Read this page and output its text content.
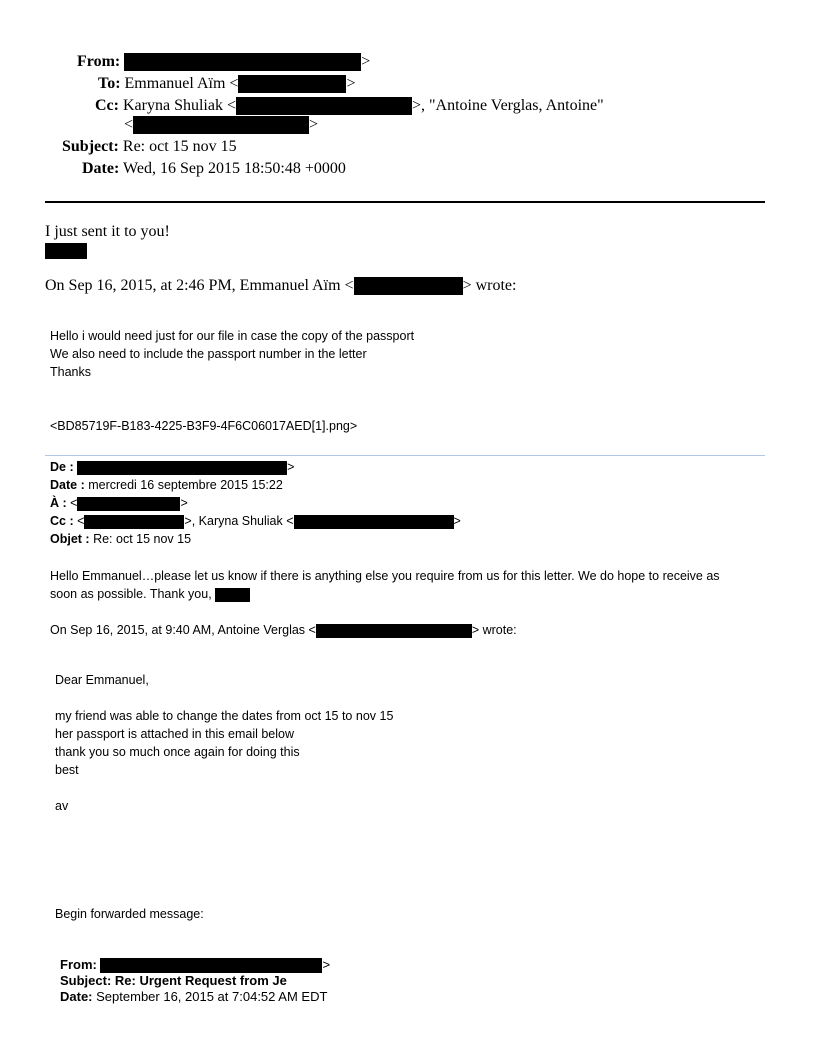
From:	>
To: Emmanuel Aïm <	>
Cc: Karyna Shuliak <	>, "Antoine Verglas, Antoine"
<	>
Subject: Re: oct 15 nov 15
Date: Wed, 16 Sep 2015 18:50:48 +0000
I just sent it to you!
On Sep 16, 2015, at 2:46 PM, Emmanuel Aïm <	> wrote:
Hello i would need just for our file in case the copy of the passport
We also need to include the passport number in the letter
Thanks
<BD85719F-B183-4225-B3F9-4F6C06017AED[1].png>
De :	>
Date : mercredi 16 septembre 2015 15:22
À : <	>
Cc : <	>, Karyna Shuliak <	>
Objet : Re: oct 15 nov 15
Hello Emmanuel…please let us know if there is anything else you require from us for this letter. We do hope to receive as
soon as possible. Thank you,
On Sep 16, 2015, at 9:40 AM, Antoine Verglas <	> wrote:
Dear Emmanuel,
my friend was able to change the dates from oct 15 to nov 15
her passport is attached in this email below
thank you so much once again for doing this
best
av
Begin forwarded message:
From:	>
Subject: Re: Urgent Request from Je
Date: September 16, 2015 at 7:04:52 AM EDT
